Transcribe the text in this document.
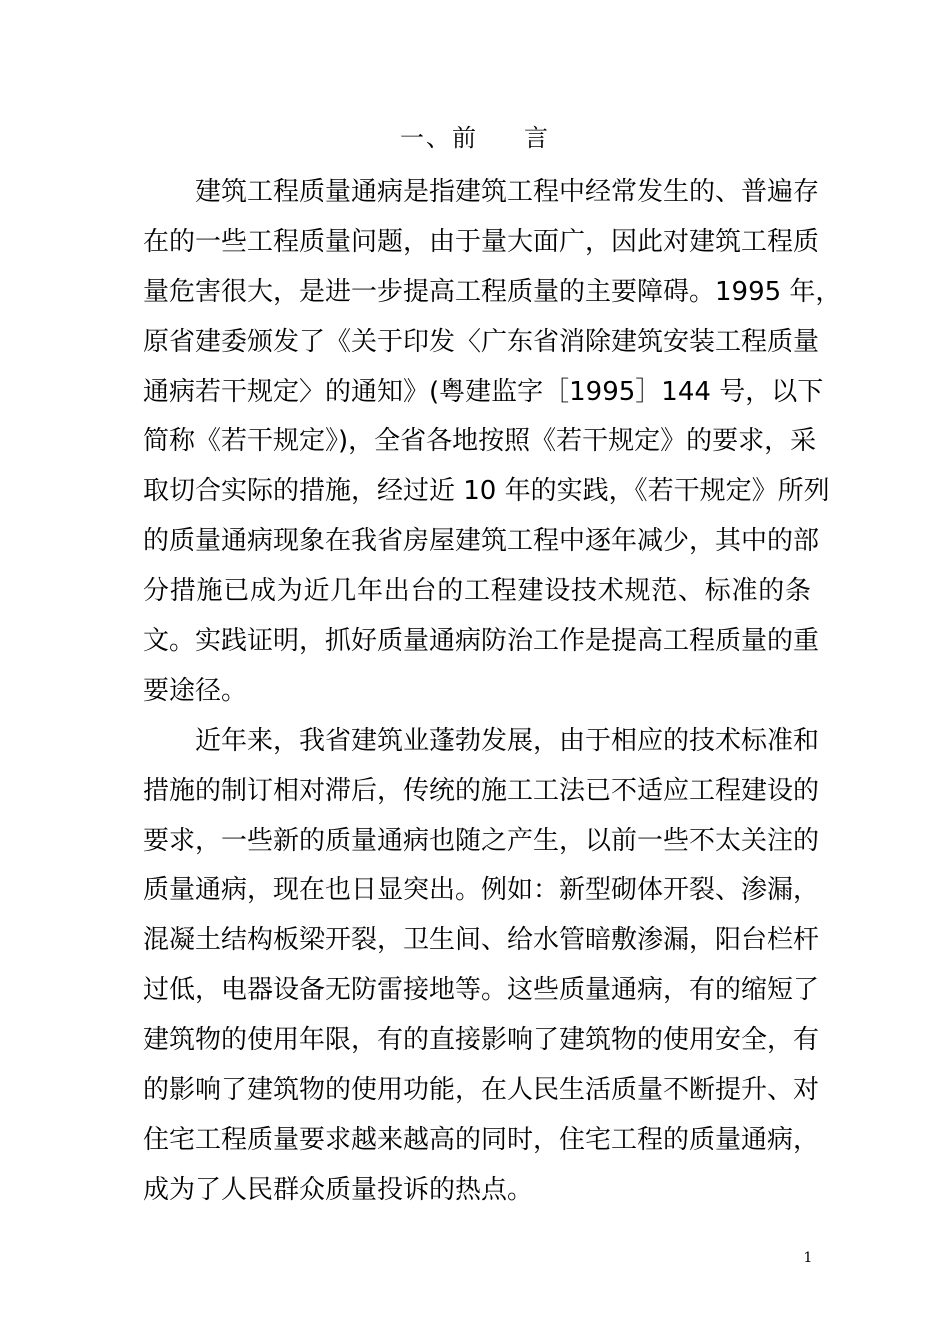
一、前 言
建筑工程质量通病是指建筑工程中经常发生的、普遍存
在的一些工程质量问题，由于量大面广，因此对建筑工程质
量危害很大，是进一步提高工程质量的主要障碍。1995 年，
原省建委颁发了《关于印发〈广东省消除建筑安装工程质量
通病若干规定〉的通知》(粤建监字［1995］144 号，以下
简称《若干规定》)，全省各地按照《若干规定》的要求，采
取切合实际的措施，经过近 10 年的实践，《若干规定》所列
的质量通病现象在我省房屋建筑工程中逐年减少，其中的部
分措施已成为近几年出台的工程建设技术规范、标准的条
文。实践证明，抓好质量通病防治工作是提高工程质量的重
要途径。
近年来，我省建筑业蓬勃发展，由于相应的技术标准和
措施的制订相对滞后，传统的施工工法已不适应工程建设的
要求，一些新的质量通病也随之产生，以前一些不太关注的
质量通病，现在也日显突出。例如：新型砌体开裂、渗漏，
混凝土结构板梁开裂，卫生间、给水管暗敷渗漏，阳台栏杆
过低，电器设备无防雷接地等。这些质量通病，有的缩短了
建筑物的使用年限，有的直接影响了建筑物的使用安全，有
的影响了建筑物的使用功能，在人民生活质量不断提升、对
住宅工程质量要求越来越高的同时，住宅工程的质量通病，
成为了人民群众质量投诉的热点。
1
